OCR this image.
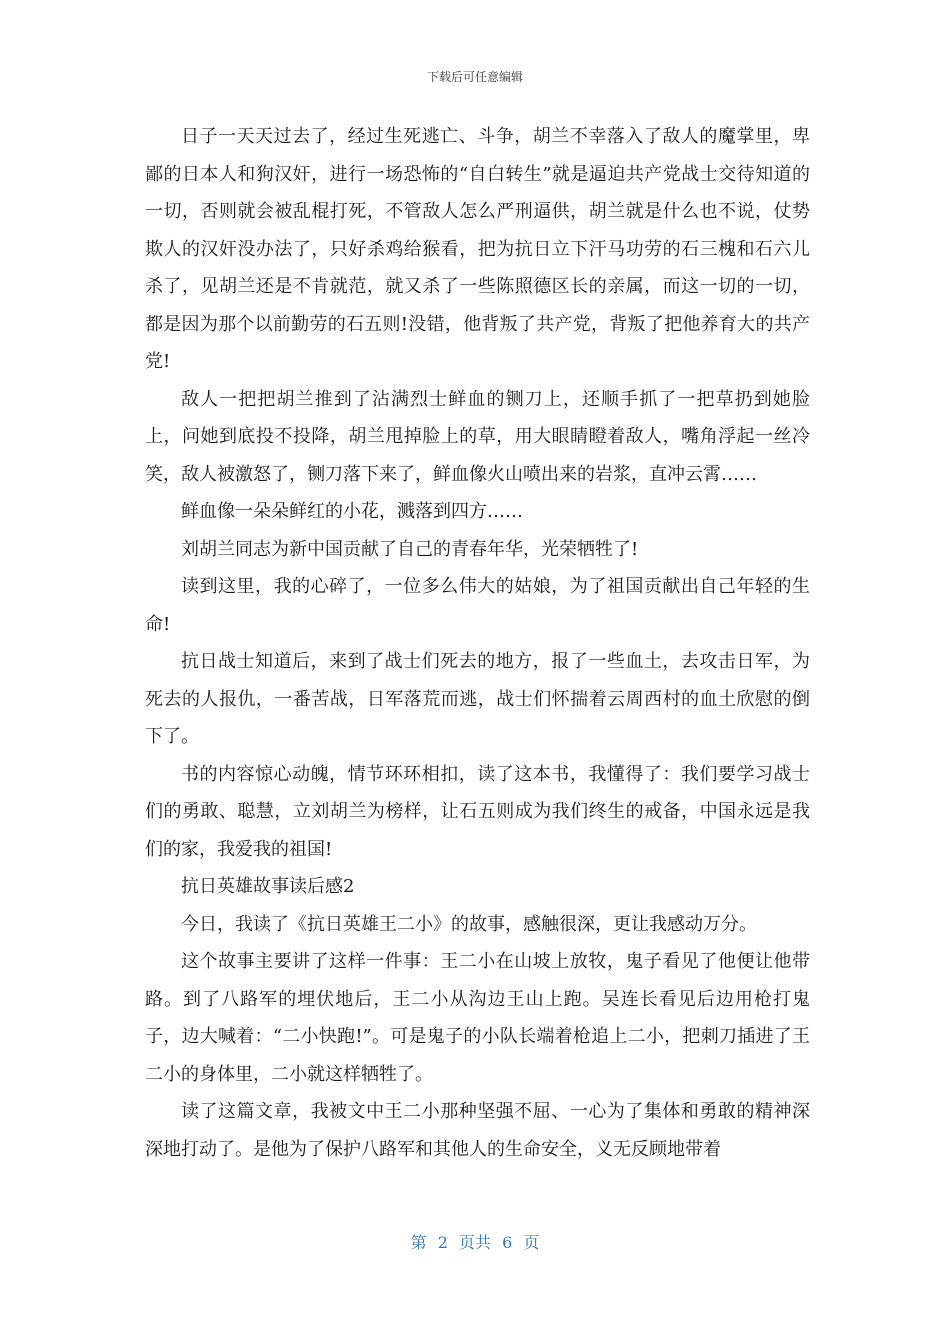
下载后可任意编辑

日子一天天过去了，经过生死逃亡、斗争，胡兰不幸落入了敌人的魔掌里，卑鄙的日本人和狗汉奸，进行一场恐怖的“自白转生”就是逼迫共产党战士交待知道的一切，否则就会被乱棍打死，不管敌人怎么严刑逼供，胡兰就是什么也不说，仗势欺人的汉奸没办法了，只好杀鸡给猴看，把为抗日立下汗马功劳的石三槐和石六儿杀了，见胡兰还是不肯就范，就又杀了一些陈照德区长的亲属，而这一切的一切，都是因为那个以前勤劳的石五则!没错，他背叛了共产党，背叛了把他养育大的共产党!

敌人一把把胡兰推到了沾满烈士鲜血的铡刀上，还顺手抓了一把草扔到她脸上，问她到底投不投降，胡兰甩掉脸上的草，用大眼睛瞪着敌人，嘴角浮起一丝冷笑，敌人被激怒了，铡刀落下来了，鲜血像火山喷出来的岩浆，直冲云霄……

鲜血像一朵朵鲜红的小花，溅落到四方……

刘胡兰同志为新中国贡献了自己的青春年华，光荣牺牲了!

读到这里，我的心碎了，一位多么伟大的姑娘，为了祖国贡献出自己年轻的生命!

抗日战士知道后，来到了战士们死去的地方，报了一些血土，去攻击日军，为死去的人报仇，一番苦战，日军落荒而逃，战士们怀揣着云周西村的血土欣慰的倒下了。

书的内容惊心动魄，情节环环相扣，读了这本书，我懂得了：我们要学习战士们的勇敢、聪慧，立刘胡兰为榜样，让石五则成为我们终生的戒备，中国永远是我们的家，我爱我的祖国!

抗日英雄故事读后感2

今日，我读了《抗日英雄王二小》的故事，感触很深，更让我感动万分。

这个故事主要讲了这样一件事：王二小在山坡上放牧，鬼子看见了他便让他带路。到了八路军的埋伏地后，王二小从沟边王山上跑。吴连长看见后边用枪打鬼子，边大喊着：“二小快跑!”。可是鬼子的小队长端着枪追上二小，把刺刀插进了王二小的身体里，二小就这样牺牲了。

读了这篇文章，我被文中王二小那种坚强不屈、一心为了集体和勇敢的精神深深地打动了。是他为了保护八路军和其他人的生命安全，义无反顾地带着

第 2 页共 6 页
